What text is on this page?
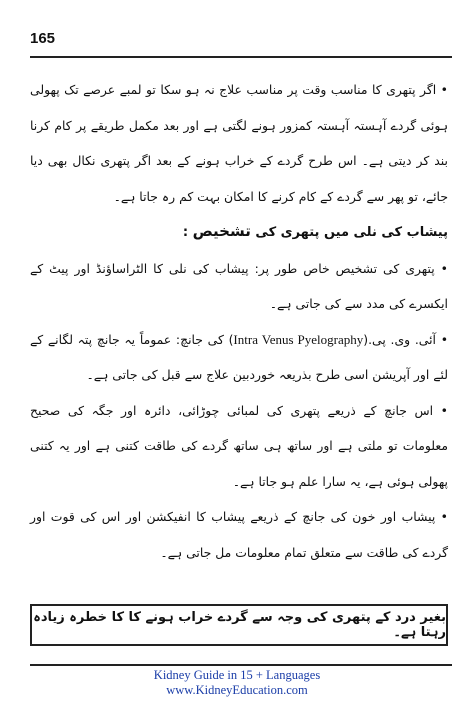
165

• اگر پتھری کا مناسب وقت پر مناسب علاج نہ ہو سکا تو لمبے عرصے تک پھولی ہوئی گردے آہستہ آہستہ کمزور ہونے لگتی ہے اور بعد مکمل طریقے پر کام کرنا بند کر دیتی ہے۔ اس طرح گردے کے خراب ہونے کے بعد اگر پتھری نکال بھی دیا جائے، تو پھر سے گردے کے کام کرنے کا امکان بہت کم رہ جاتا ہے۔

پیشاب کی نلی میں پتھری کی تشخیص :

• پتھری کی تشخیص خاص طور پر: پیشاب کی نلی کا الٹراساؤنڈ اور پیٹ کے ایکسرے کی مدد سے کی جاتی ہے۔

• آئی. وی. پی.(Intra Venus Pyelography) کی جانچ: عموماً یہ جانچ پتہ لگانے کے لئے اور آپریشن اسی طرح بذریعہ خوردبین علاج سے قبل کی جاتی ہے۔

• اس جانچ کے ذریعے پتھری کی لمبائی چوڑائی، دائرہ اور جگہ کی صحیح معلومات تو ملتی ہے اور ساتھ ہی ساتھ گردے کی طاقت کتنی ہے اور یہ کتنی پھولی ہوئی ہے، یہ سارا علم ہو جاتا ہے۔

• پیشاب اور خون کی جانچ کے ذریعے پیشاب کا انفیکشن اور اس کی قوت اور گردے کی طاقت سے متعلق تمام معلومات مل جاتی ہے۔

بغیر درد کے پتھری کی وجہ سے گردے خراب ہونے کا کا خطرہ زیادہ رہتا ہے۔
Kidney Guide in 15 + Languages
www.KidneyEducation.com
